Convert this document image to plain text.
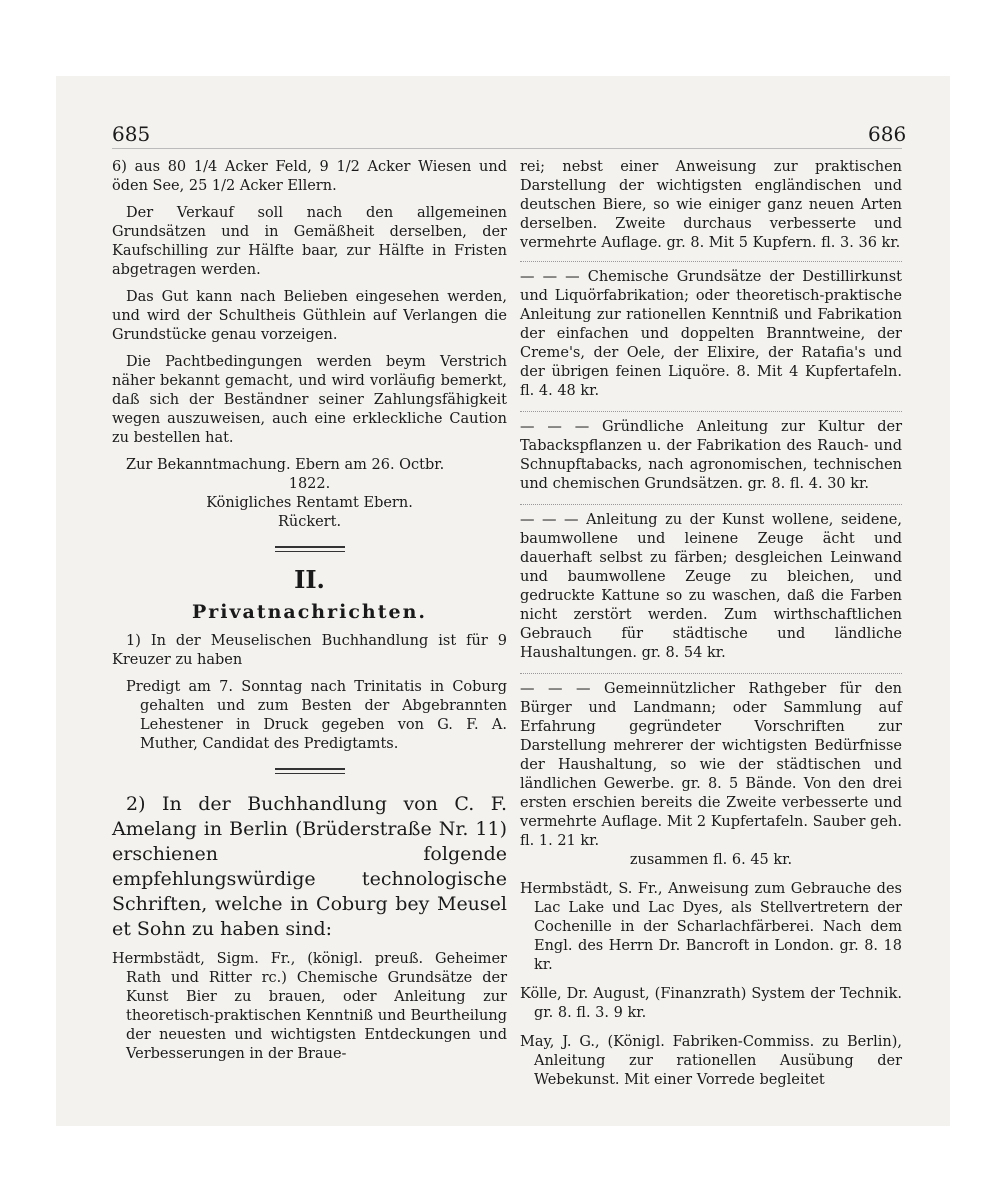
685	686

6) aus 80 1/4 Acker Feld, 9 1/2 Acker Wiesen und öden See, 25 1/2 Acker Ellern.

Der Verkauf soll nach den allgemeinen Grundsätzen und in Gemäßheit derselben, der Kaufschilling zur Hälfte baar, zur Hälfte in Fristen abgetragen werden.

Das Gut kann nach Belieben eingesehen werden, und wird der Schultheis Güthlein auf Verlangen die Grundstücke genau vorzeigen.

Die Pachtbedingungen werden beym Verstrich näher bekannt gemacht, und wird vorläufig bemerkt, daß sich der Beständner seiner Zahlungsfähigkeit wegen auszuweisen, auch eine erkleckliche Caution zu bestellen hat.

Zur Bekanntmachung. Ebern am 26. Octbr.

1822.

Königliches Rentamt Ebern.

Rückert.

II.
Privatnachrichten.

1) In der Meuselischen Buchhandlung ist für 9 Kreuzer zu haben

Predigt am 7. Sonntag nach Trinitatis in Coburg gehalten und zum Besten der Abgebrannten Lehestener in Druck gegeben von G. F. A. Muther, Candidat des Predigtamts.

2) In der Buchhandlung von C. F. Amelang in Berlin (Brüderstraße Nr. 11) erschienen folgende empfehlungswürdige technologische Schriften, welche in Coburg bey Meusel et Sohn zu haben sind:

Hermbstädt, Sigm. Fr., (königl. preuß. Geheimer Rath und Ritter rc.) Chemische Grundsätze der Kunst Bier zu brauen, oder Anleitung zur theoretisch-praktischen Kenntniß und Beurtheilung der neuesten und wichtigsten Entdeckungen und Verbesserungen in der Braue-

rei; nebst einer Anweisung zur praktischen Darstellung der wichtigsten engländischen und deutschen Biere, so wie einiger ganz neuen Arten derselben. Zweite durchaus verbesserte und vermehrte Auflage. gr. 8. Mit 5 Kupfern. fl. 3. 36 kr.

— — — Chemische Grundsätze der Destillirkunst und Liquörfabrikation; oder theoretisch-praktische Anleitung zur rationellen Kenntniß und Fabrikation der einfachen und doppelten Branntweine, der Creme's, der Oele, der Elixire, der Ratafia's und der übrigen feinen Liquöre. 8. Mit 4 Kupfertafeln. fl. 4. 48 kr.
— — — Gründliche Anleitung zur Kultur der Tabackspflanzen u. der Fabrikation des Rauch- und Schnupftabacks, nach agronomischen, technischen und chemischen Grundsätzen. gr. 8. fl. 4. 30 kr.
— — — Anleitung zu der Kunst wollene, seidene, baumwollene und leinene Zeuge ächt und dauerhaft selbst zu färben; desgleichen Leinwand und baumwollene Zeuge zu bleichen, und gedruckte Kattune so zu waschen, daß die Farben nicht zerstört werden. Zum wirthschaftlichen Gebrauch für städtische und ländliche Haushaltungen. gr. 8. 54 kr.
— — — Gemeinnützlicher Rathgeber für den Bürger und Landmann; oder Sammlung auf Erfahrung gegründeter Vorschriften zur Darstellung mehrerer der wichtigsten Bedürfnisse der Haushaltung, so wie der städtischen und ländlichen Gewerbe. gr. 8. 5 Bände. Von den drei ersten erschien bereits die Zweite verbesserte und vermehrte Auflage. Mit 2 Kupfertafeln. Sauber geh. fl. 1. 21 kr.

zusammen fl. 6. 45 kr.

Hermbstädt, S. Fr., Anweisung zum Gebrauche des Lac Lake und Lac Dyes, als Stellvertretern der Cochenille in der Scharlachfärberei. Nach dem Engl. des Herrn Dr. Bancroft in London. gr. 8. 18 kr.
Kölle, Dr. August, (Finanzrath) System der Technik. gr. 8. fl. 3. 9 kr.
May, J. G., (Königl. Fabriken-Commiss. zu Berlin), Anleitung zur rationellen Ausübung der Webekunst. Mit einer Vorrede begleitet
